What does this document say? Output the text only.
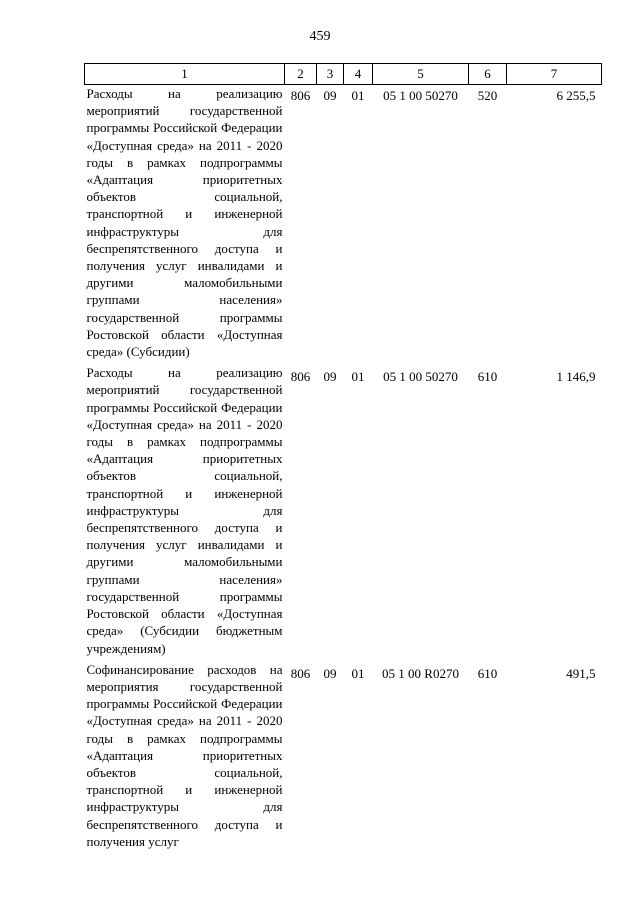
459
1	2	3	4	5	6	7
Расходы на реализацию мероприятий государственной программы Российской Федерации «Доступная среда» на 2011 - 2020 годы в рамках подпрограммы «Адаптация приоритетных объектов социальной, транспортной и инженерной инфраструктуры для беспрепятственного доступа и получения услуг инвалидами и другими маломобильными группами населения» государственной программы Ростовской области «Доступная среда» (Субсидии)	806	09	01	05 1 00 50270	520	6 255,5
Расходы на реализацию мероприятий государственной программы Российской Федерации «Доступная среда» на 2011 - 2020 годы в рамках подпрограммы «Адаптация приоритетных объектов социальной, транспортной и инженерной инфраструктуры для беспрепятственного доступа и получения услуг инвалидами и другими маломобильными группами населения» государственной программы Ростовской области «Доступная среда» (Субсидии бюджетным учреждениям)	806	09	01	05 1 00 50270	610	1 146,9
Софинансирование расходов на мероприятия государственной программы Российской Федерации «Доступная среда» на 2011 - 2020 годы в рамках подпрограммы «Адаптация приоритетных объектов социальной, транспортной и инженерной инфраструктуры для беспрепятственного доступа и получения услуг	806	09	01	05 1 00 R0270	610	491,5
